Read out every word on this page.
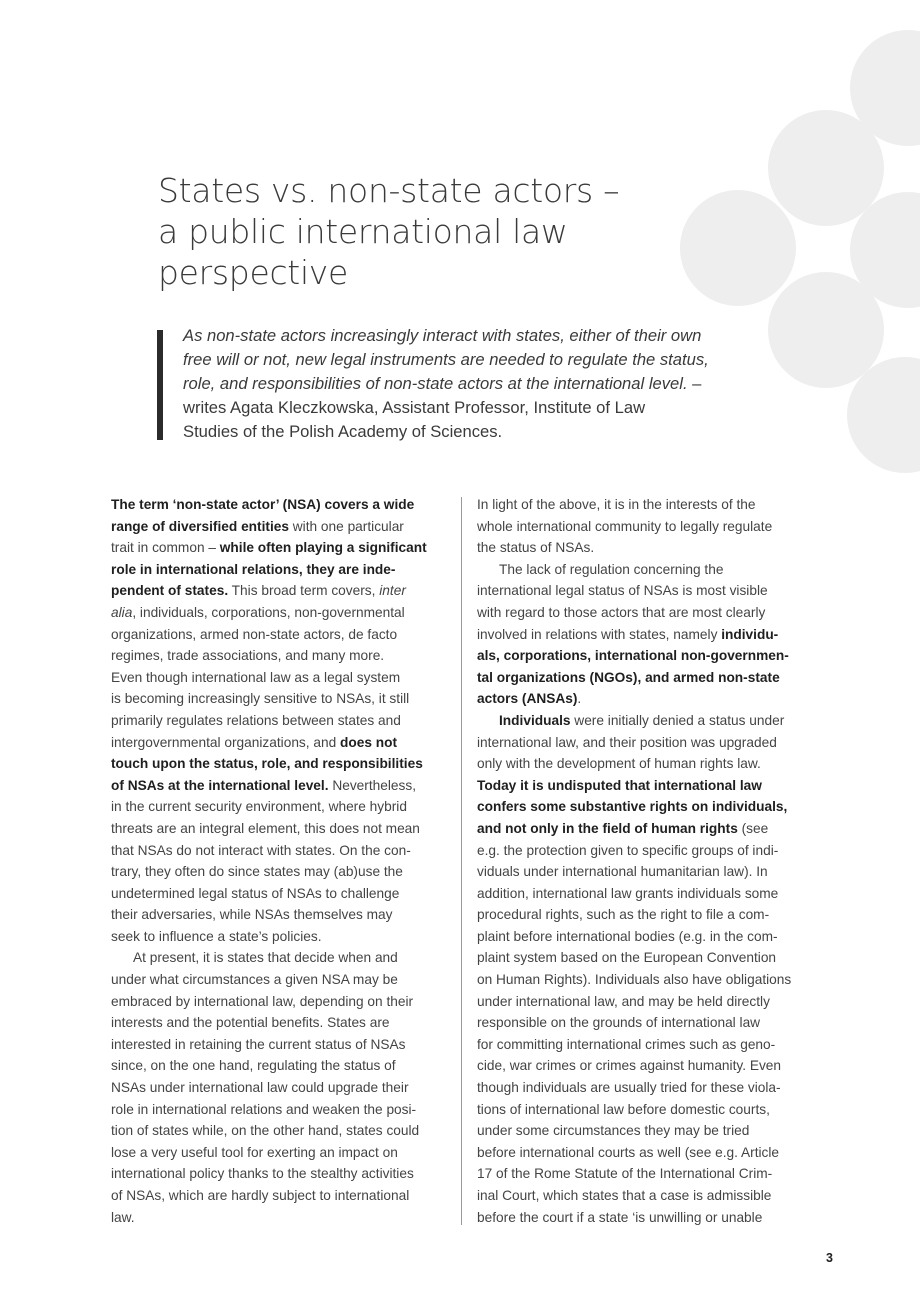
States vs. non-state actors –
a public international law
perspective
As non-state actors increasingly interact with states, either of their own
free will or not, new legal instruments are needed to regulate the status,
role, and responsibilities of non-state actors at the international level. –
writes Agata Kleczkowska, Assistant Professor, Institute of Law
Studies of the Polish Academy of Sciences.
The term ‘non-state actor’ (NSA) covers a wide
range of diversified entities with one particular
trait in common – while often playing a significant
role in international relations, they are inde-
pendent of states. This broad term covers, inter
alia, individuals, corporations, non-governmental
organizations, armed non-state actors, de facto
regimes, trade associations, and many more.
Even though international law as a legal system
is becoming increasingly sensitive to NSAs, it still
primarily regulates relations between states and
intergovernmental organizations, and does not
touch upon the status, role, and responsibilities
of NSAs at the international level. Nevertheless,
in the current security environment, where hybrid
threats are an integral element, this does not mean
that NSAs do not interact with states. On the con-
trary, they often do since states may (ab)use the
undetermined legal status of NSAs to challenge
their adversaries, while NSAs themselves may
seek to influence a state’s policies.
At present, it is states that decide when and
under what circumstances a given NSA may be
embraced by international law, depending on their
interests and the potential benefits. States are
interested in retaining the current status of NSAs
since, on the one hand, regulating the status of
NSAs under international law could upgrade their
role in international relations and weaken the posi-
tion of states while, on the other hand, states could
lose a very useful tool for exerting an impact on
international policy thanks to the stealthy activities
of NSAs, which are hardly subject to international
law.
In light of the above, it is in the interests of the
whole international community to legally regulate
the status of NSAs.
The lack of regulation concerning the
international legal status of NSAs is most visible
with regard to those actors that are most clearly
involved in relations with states, namely individu-
als, corporations, international non-governmen-
tal organizations (NGOs), and armed non-state
actors (ANSAs).
Individuals were initially denied a status under
international law, and their position was upgraded
only with the development of human rights law.
Today it is undisputed that international law
confers some substantive rights on individuals,
and not only in the field of human rights (see
e.g. the protection given to specific groups of indi-
viduals under international humanitarian law). In
addition, international law grants individuals some
procedural rights, such as the right to file a com-
plaint before international bodies (e.g. in the com-
plaint system based on the European Convention
on Human Rights). Individuals also have obligations
under international law, and may be held directly
responsible on the grounds of international law
for committing international crimes such as geno-
cide, war crimes or crimes against humanity. Even
though individuals are usually tried for these viola-
tions of international law before domestic courts,
under some circumstances they may be tried
before international courts as well (see e.g. Article
17 of the Rome Statute of the International Crim-
inal Court, which states that a case is admissible
before the court if a state ‘is unwilling or unable
3
